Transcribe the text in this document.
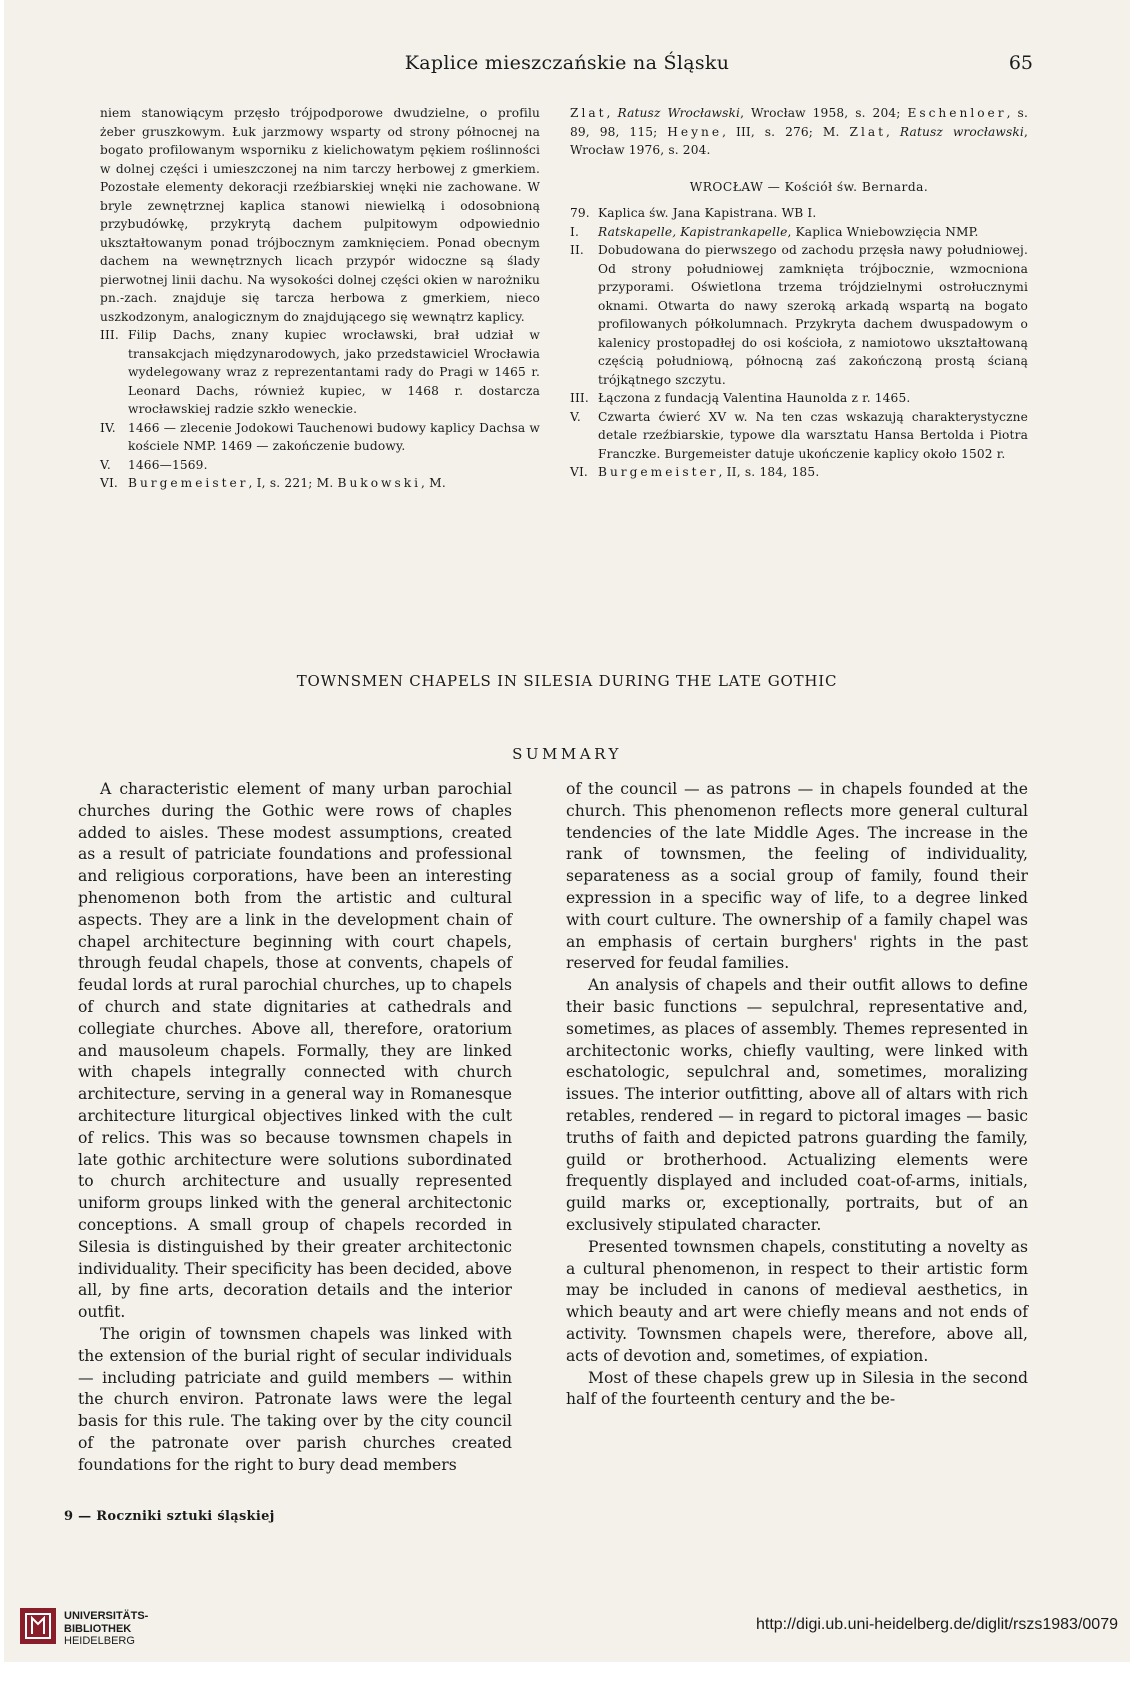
Kaplice mieszczańskie na Śląsku	65
niem stanowiącym przęsło trójpodporowe dwudzielne, o profilu żeber gruszkowym. Łuk jarzmowy wsparty od strony północnej na bogato profilowanym wsporniku z kielichowatym pękiem roślinności w dolnej części i umieszczonej na nim tarczy herbowej z gmerkiem. Pozostałe elementy dekoracji rzeźbiarskiej wnęki nie zachowane. W bryle zewnętrznej kaplica stanowi niewielką i odosobnioną przybudówkę, przykrytą dachem pulpitowym odpowiednio ukształtowanym ponad trójbocznym zamknięciem. Ponad obecnym dachem na wewnętrznych licach przypór widoczne są ślady pierwotnej linii dachu. Na wysokości dolnej części okien w narożniku pn.-zach. znajduje się tarcza herbowa z gmerkiem, nieco uszkodzonym, analogicznym do znajdującego się wewnątrz kaplicy.
III. Filip Dachs, znany kupiec wrocławski, brał udział w transakcjach międzynarodowych, jako przedstawiciel Wrocławia wydelegowany wraz z reprezentantami rady do Pragi w 1465 r. Leonard Dachs, również kupiec, w 1468 r. dostarcza wrocławskiej radzie szkło weneckie.
IV. 1466 — zlecenie Jodokowi Tauchenowi budowy kaplicy Dachsa w kościele NMP. 1469 — zakończenie budowy.
V.	1466—1569.
VI. Burgemeister, I, s. 221; M. Bukowski, M.
Zlat, Ratusz Wrocławski, Wrocław 1958, s. 204; Eschenloer, s. 89, 98, 115; Heyne, III, s. 276; M. Zlat, Ratusz wrocławski, Wrocław 1976, s. 204.
WROCŁAW — Kościół św. Bernarda.
79. Kaplica św. Jana Kapistrana. WB I.
I.	Ratskapelle, Kapistrankapelle, Kaplica Wniebowzięcia NMP.
II.	Dobudowana do pierwszego od zachodu przęsła nawy południowej. Od strony południowej zamknięta trójbocznie, wzmocniona przyporami. Oświetlona trzema trójdzielnymi ostrołucznymi oknami. Otwarta do nawy szeroką arkadą wspartą na bogato profilowanych półkolumnach. Przykryta dachem dwuspadowym o kalenicy prostopadłej do osi kościoła, z namiotowo ukształtowaną częścią południową, północną zaś zakończoną prostą ścianą trójkątnego szczytu.
III. Łączona z fundacją Valentina Haunolda z r. 1465.
V.	Czwarta ćwierć XV w. Na ten czas wskazują charakterystyczne detale rzeźbiarskie, typowe dla warsztatu Hansa Bertolda i Piotra Franczke. Burgemeister datuje ukończenie kaplicy około 1502 r.
VI. Burgemeister, II, s. 184, 185.
TOWNSMEN CHAPELS IN SILESIA DURING THE LATE GOTHIC
SUMMARY

A characteristic element of many urban parochial churches during the Gothic were rows of chaples added to aisles. These modest assumptions, created as a result of patriciate foundations and professional and religious corporations, have been an interesting phenomenon both from the artistic and cultural aspects. They are a link in the development chain of chapel architecture beginning with court chapels, through feudal chapels, those at convents, chapels of feudal lords at rural parochial churches, up to chapels of church and state dignitaries at cathedrals and collegiate churches. Above all, therefore, oratorium and mausoleum chapels. Formally, they are linked with chapels integrally connected with church architecture, serving in a general way in Romanesque architecture liturgical objectives linked with the cult of relics. This was so because townsmen chapels in late gothic architecture were solutions subordinated to church architecture and usually represented uniform groups linked with the general architectonic conceptions. A small group of chapels recorded in Silesia is distinguished by their greater architectonic individuality. Their specificity has been decided, above all, by fine arts, decoration details and the interior outfit.

The origin of townsmen chapels was linked with the extension of the burial right of secular individuals — including patriciate and guild members — within the church environ. Patronate laws were the legal basis for this rule. The taking over by the city council of the patronate over parish churches created foundations for the right to bury dead members

of the council — as patrons — in chapels founded at the church. This phenomenon reflects more general cultural tendencies of the late Middle Ages. The increase in the rank of townsmen, the feeling of individuality, separateness as a social group of family, found their expression in a specific way of life, to a degree linked with court culture. The ownership of a family chapel was an emphasis of certain burghers' rights in the past reserved for feudal families.

An analysis of chapels and their outfit allows to define their basic functions — sepulchral, representative and, sometimes, as places of assembly. Themes represented in architectonic works, chiefly vaulting, were linked with eschatologic, sepulchral and, sometimes, moralizing issues. The interior outfitting, above all of altars with rich retables, rendered — in regard to pictoral images — basic truths of faith and depicted patrons guarding the family, guild or brotherhood. Actualizing elements were frequently displayed and included coat-of-arms, initials, guild marks or, exceptionally, portraits, but of an exclusively stipulated character.

Presented townsmen chapels, constituting a novelty as a cultural phenomenon, in respect to their artistic form may be included in canons of medieval aesthetics, in which beauty and art were chiefly means and not ends of activity. Townsmen chapels were, therefore, above all, acts of devotion and, sometimes, of expiation.

Most of these chapels grew up in Silesia in the second half of the fourteenth century and the be-

9 — Roczniki sztuki śląskiej
UNIVERSITÄTS-
BIBLIOTHEK
HEIDELBERG
http://digi.ub.uni-heidelberg.de/diglit/rszs1983/0079
